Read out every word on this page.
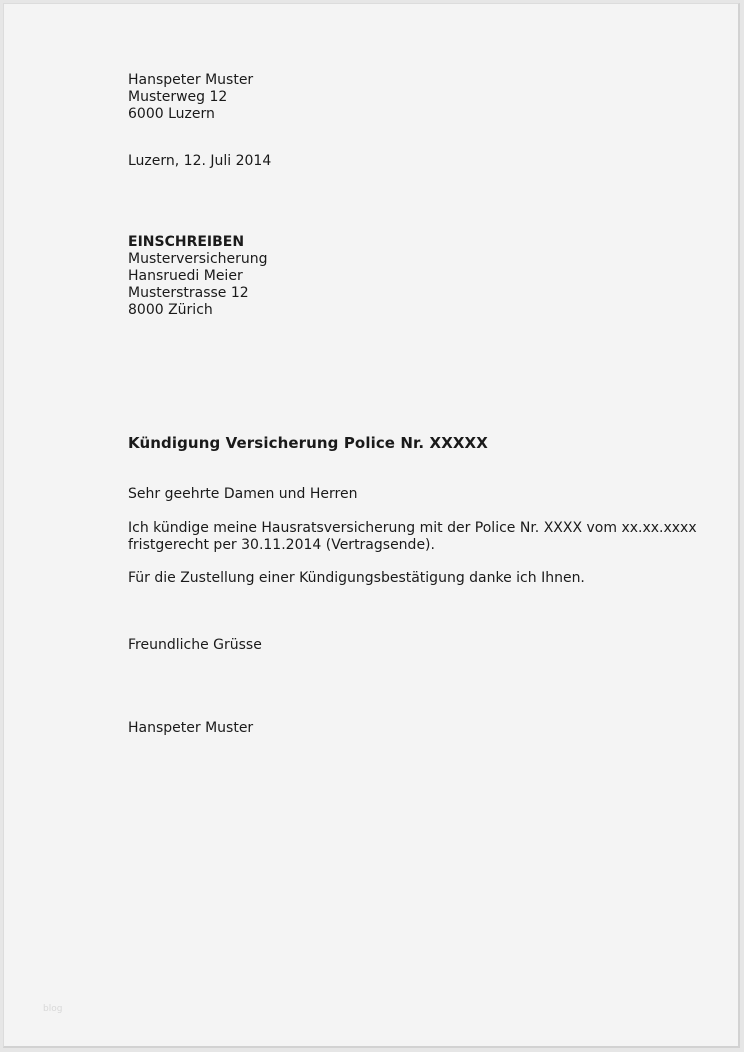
Hanspeter Muster
Musterweg 12
6000 Luzern
Luzern, 12. Juli 2014
EINSCHREIBEN
Musterversicherung
Hansruedi Meier
Musterstrasse 12
8000 Zürich
Kündigung Versicherung Police Nr. XXXXX
Sehr geehrte Damen und Herren
Ich kündige meine Hausratsversicherung mit der Police Nr. XXXX vom xx.xx.xxxx
fristgerecht per 30.11.2014 (Vertragsende).
Für die Zustellung einer Kündigungsbestätigung danke ich Ihnen.
Freundliche Grüsse
Hanspeter Muster
blog
